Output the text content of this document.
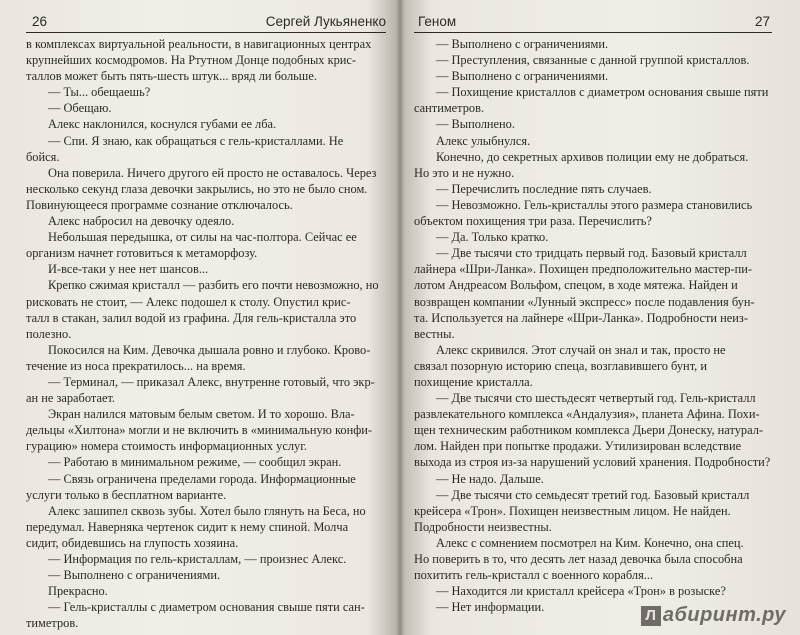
26	Сергей Лукьяненко
в комплексах виртуальной реальности, в навигационных центрах
крупнейших космодромов. На Ртутном Донце подобных крис-
таллов может быть пять-шесть штук... вряд ли больше.
— Ты... обещаешь?
— Обещаю.
Алекс наклонился, коснулся губами ее лба.
— Спи. Я знаю, как обращаться с гель-кристаллами. Не
бойся.
Она поверила. Ничего другого ей просто не оставалось. Через
несколько секунд глаза девочки закрылись, но это не было сном.
Повинующееся программе сознание отключалось.
Алекс набросил на девочку одеяло.
Небольшая передышка, от силы на час-полтора. Сейчас ее
организм начнет готовиться к метаморфозу.
И-все-таки у нее нет шансов...
Крепко сжимая кристалл — разбить его почти невозможно, но
рисковать не стоит, — Алекс подошел к столу. Опустил крис-
талл в стакан, залил водой из графина. Для гель-кристалла это
полезно.
Покосился на Ким. Девочка дышала ровно и глубоко. Крово-
течение из носа прекратилось... на время.
— Терминал, — приказал Алекс, внутренне готовый, что экр-
ан не заработает.
Экран налился матовым белым светом. И то хорошо. Вла-
дельцы «Хилтона» могли и не включить в «минимальную конфи-
гурацию» номера стоимость информационных услуг.
— Работаю в минимальном режиме, — сообщил экран.
— Связь ограничена пределами города. Информационные
услуги только в бесплатном варианте.
Алекс зашипел сквозь зубы. Хотел было глянуть на Беса, но
передумал. Наверняка чертенок сидит к нему спиной. Молча
сидит, обидевшись на глупость хозяина.
— Информация по гель-кристаллам, — произнес Алекс.
— Выполнено с ограничениями.
Прекрасно.
— Гель-кристаллы с диаметром основания свыше пяти сан-
тиметров.
Геном	27
— Выполнено с ограничениями.
— Преступления, связанные с данной группой кристаллов.
— Выполнено с ограничениями.
— Похищение кристаллов с диаметром основания свыше пяти
сантиметров.
— Выполнено.
Алекс улыбнулся.
Конечно, до секретных архивов полиции ему не добраться.
Но это и не нужно.
— Перечислить последние пять случаев.
— Невозможно. Гель-кристаллы этого размера становились
объектом похищения три раза. Перечислить?
— Да. Только кратко.
— Две тысячи сто тридцать первый год. Базовый кристалл
лайнера «Шри-Ланка». Похищен предположительно мастер-пи-
лотом Андреасом Вольфом, спецом, в ходе мятежа. Найден и
возвращен компании «Лунный экспресс» после подавления бун-
та. Используется на лайнере «Шри-Ланка». Подробности неиз-
вестны.
Алекс скривился. Этот случай он знал и так, просто не
связал позорную историю спеца, возглавившего бунт, и
похищение кристалла.
— Две тысячи сто шестьдесят четвертый год. Гель-кристалл
развлекательного комплекса «Андалузия», планета Афина. Похи-
щен техническим работником комплекса Дьери Донеску, натурал-
лом. Найден при попытке продажи. Утилизирован вследствие
выхода из строя из-за нарушений условий хранения. Подробности?
— Не надо. Дальше.
— Две тысячи сто семьдесят третий год. Базовый кристалл
крейсера «Трон». Похищен неизвестным лицом. Не найден.
Подробности неизвестны.
Алекс с сомнением посмотрел на Ким. Конечно, она спец.
Но поверить в то, что десять лет назад девочка была способна
похитить гель-кристалл с военного корабля...
— Находится ли кристалл крейсера «Трон» в розыске?
— Нет информации.	Л абиринт.ру
